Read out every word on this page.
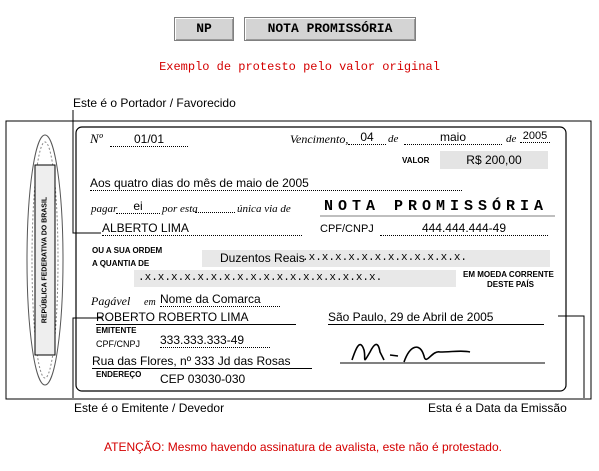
NP	NOTA PROMISSÓRIA
Exemplo de protesto pelo valor original
Este é o Portador / Favorecido
Este é o Emitente / Devedor	Esta é a Data da Emissão
REPÚBLICA FEDERATIVA DO BRASIL
Nº	01/01	Vencimento,	04	de	maio	de 2005
VALOR	R$ 200,00
Aos quatro dias do mês de maio de 2005
pagar	ei	por esta	única via de NOTA PROMISSÓRIA
ALBERTO LIMA	CPF/CNPJ	444.444.444-49
OU A SUA ORDEM
A QUANTIA DE	Duzentos Reais
.x.x.x.x.x.x.x.x.x.x.x.x.
.x.x.x.x.x.x.x.x.x.x.x.x.x.x.x.x.x.x.	EM MOEDA CORRENTE
DESTE PAÍS
Pagável em Nome da Comarca
ROBERTO ROBERTO LIMA
EMITENTE
CPF/CNPJ 333.333.333-49
Rua das Flores, nº 333 Jd das Rosas
ENDEREÇO CEP 03030-030
São Paulo, 29 de Abril de 2005
ATENÇÃO: Mesmo havendo assinatura de avalista, este não é protestado.
